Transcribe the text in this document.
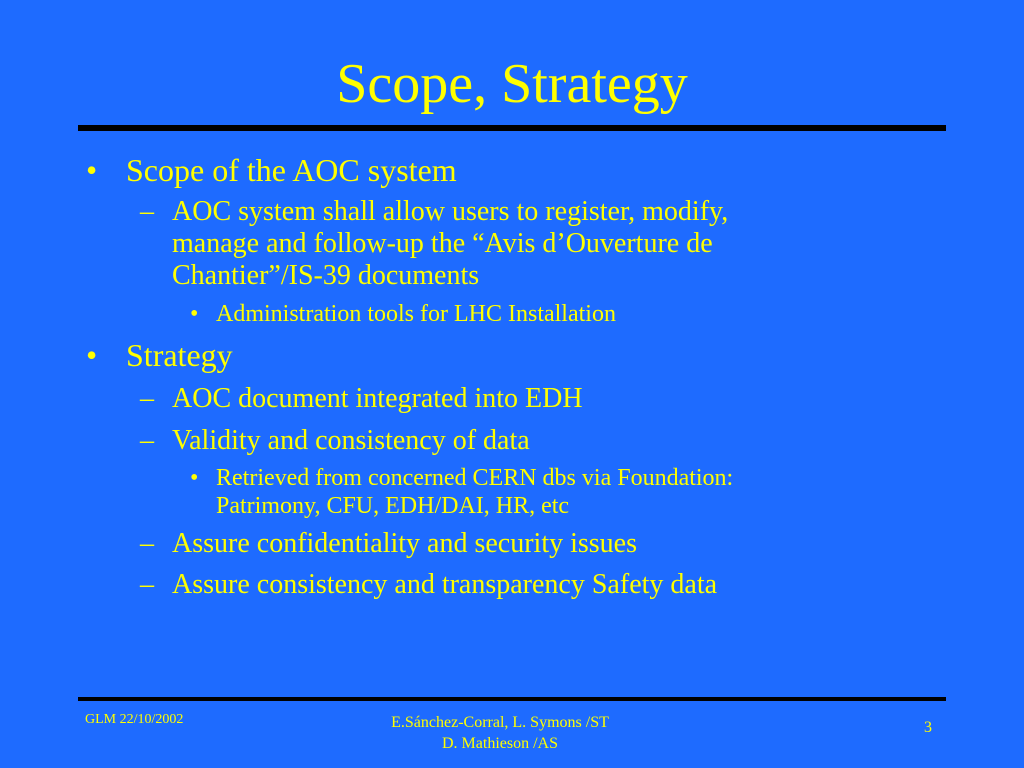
Scope, Strategy
• Scope of the AOC system
– AOC system shall allow users to register, modify,
manage and follow-up the “Avis d’Ouverture de
Chantier”/IS-39 documents
• Administration tools for LHC Installation
• Strategy
– AOC document integrated into EDH
– Validity and consistency of data
• Retrieved from concerned CERN dbs via Foundation:
Patrimony, CFU, EDH/DAI, HR, etc
– Assure confidentiality and security issues
– Assure consistency and transparency Safety data
GLM 22/10/2002	E.Sánchez-Corral, L. Symons /ST
D. Mathieson /AS
3
